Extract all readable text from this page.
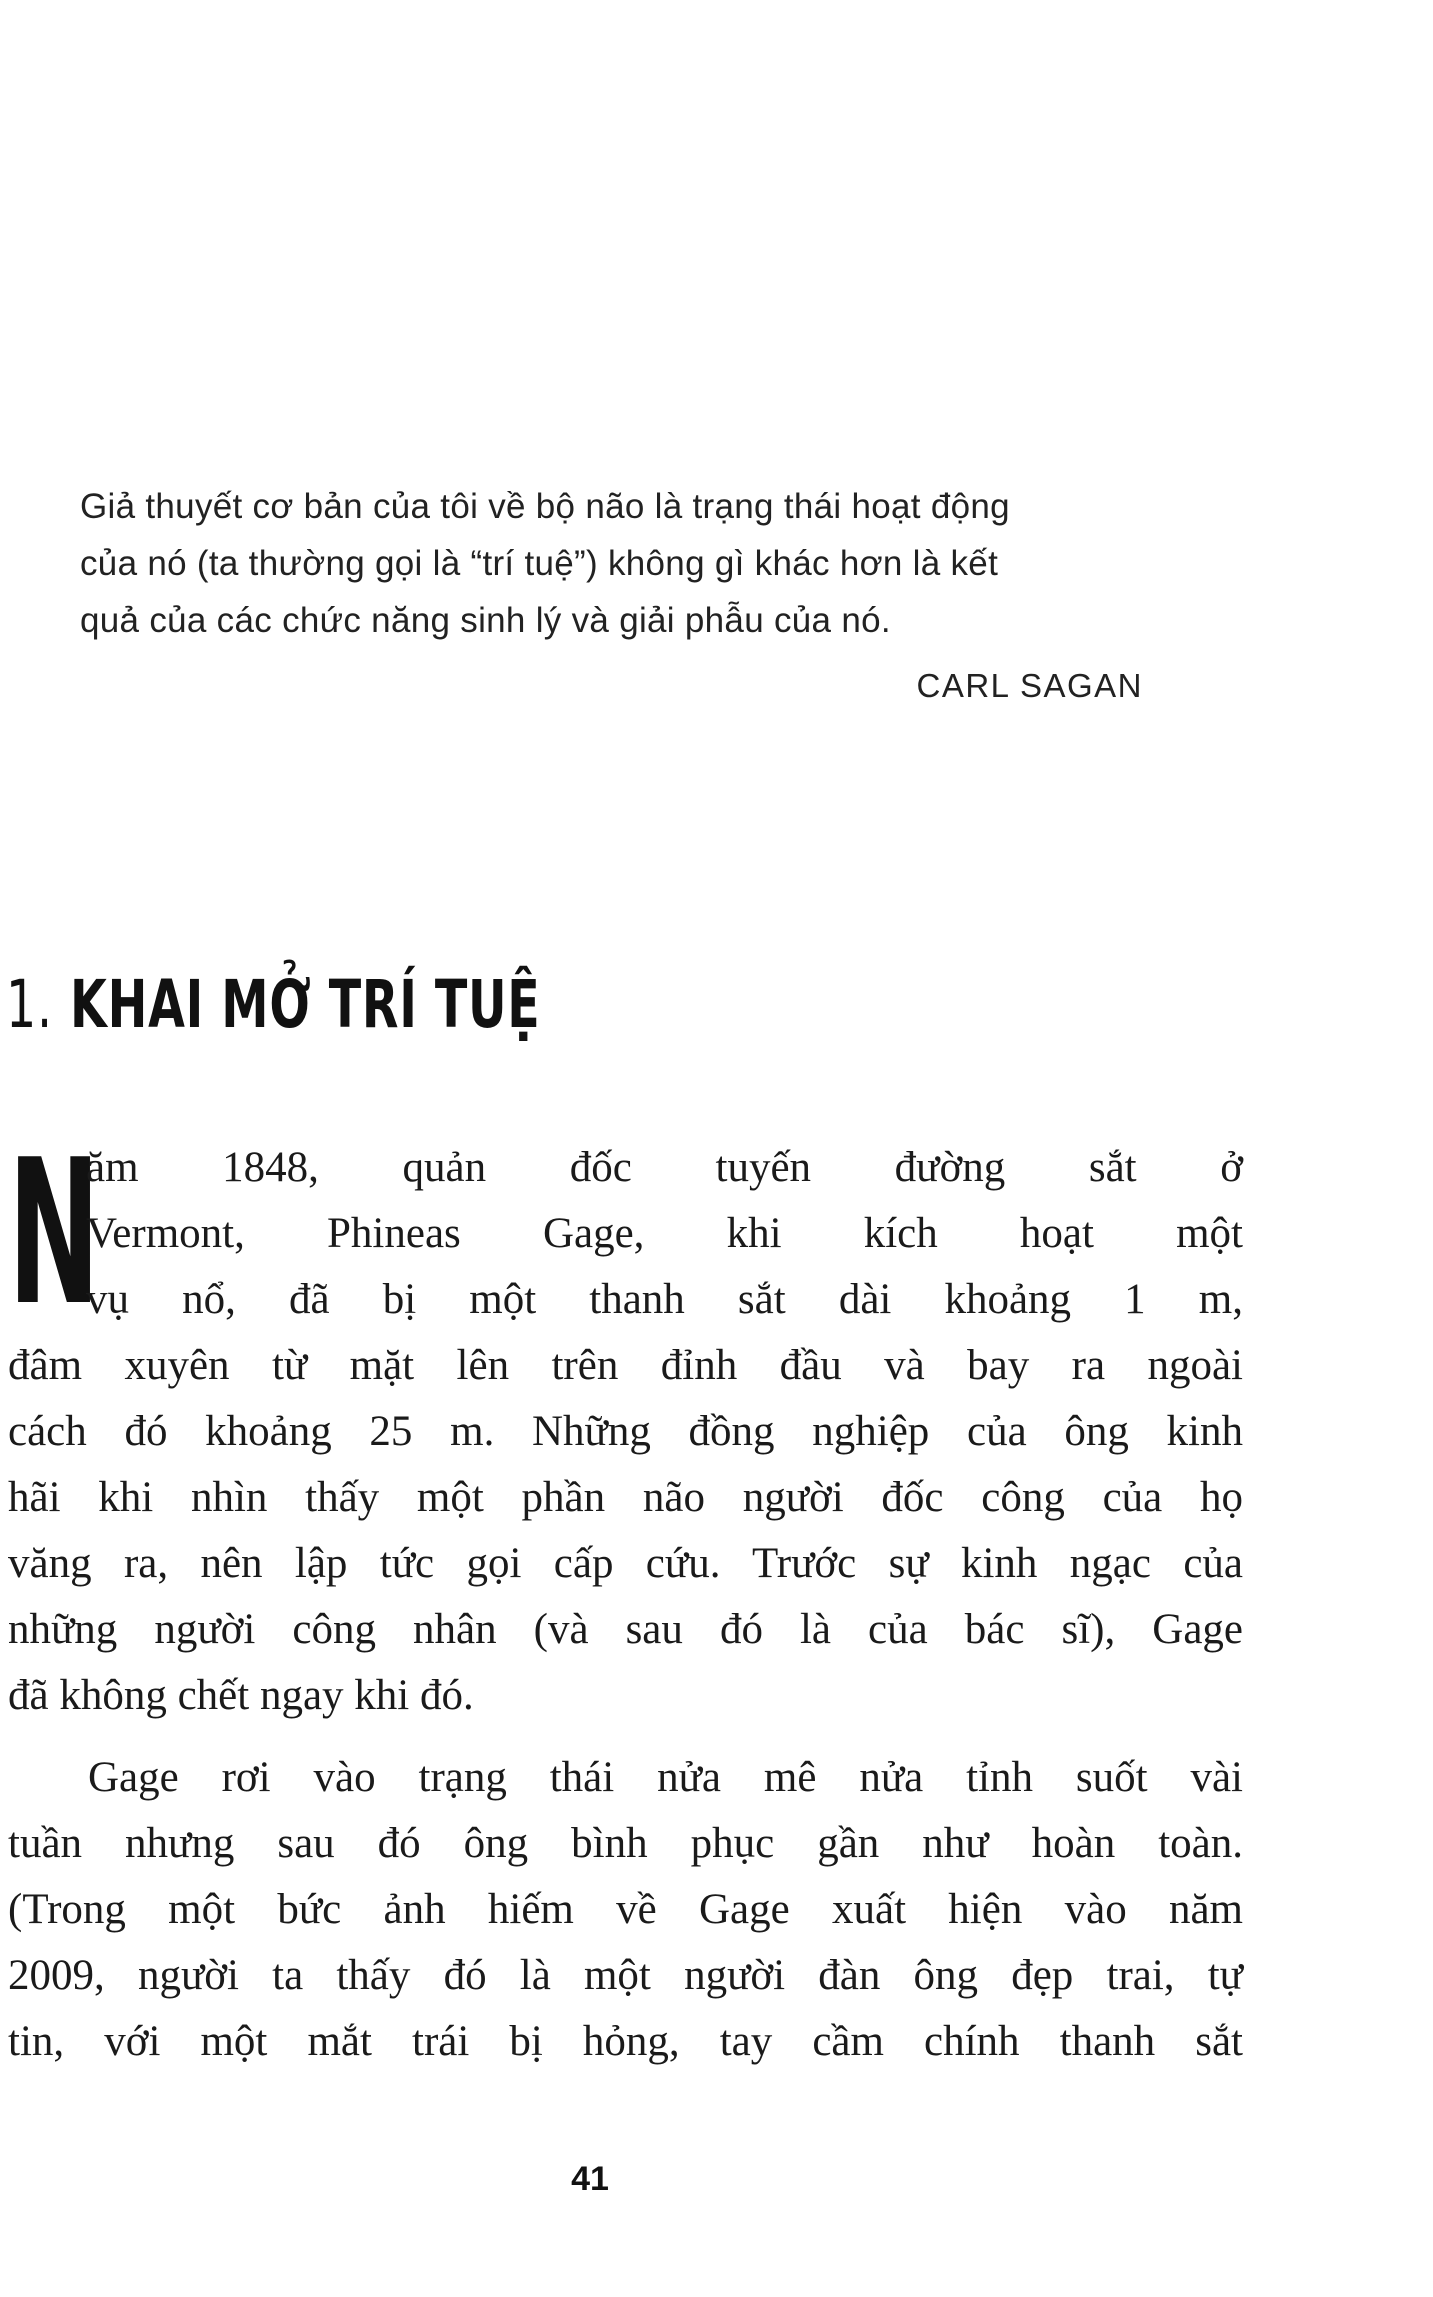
Giả thuyết cơ bản của tôi về bộ não là trạng thái hoạt động
của nó (ta thường gọi là “trí tuệ”) không gì khác hơn là kết
quả của các chức năng sinh lý và giải phẫu của nó.
CARL SAGAN
1. KHAI MỞ TRÍ TUỆ
N
ăm 1848, quản đốc tuyến đường sắt ở
Vermont, Phineas Gage, khi kích hoạt một
vụ nổ, đã bị một thanh sắt dài khoảng 1 m,
đâm xuyên từ mặt lên trên đỉnh đầu và bay ra ngoài
cách đó khoảng 25 m. Những đồng nghiệp của ông kinh
hãi khi nhìn thấy một phần não người đốc công của họ
văng ra, nên lập tức gọi cấp cứu. Trước sự kinh ngạc của
những người công nhân (và sau đó là của bác sĩ), Gage
đã không chết ngay khi đó.
Gage rơi vào trạng thái nửa mê nửa tỉnh suốt vài
tuần nhưng sau đó ông bình phục gần như hoàn toàn.
(Trong một bức ảnh hiếm về Gage xuất hiện vào năm
2009, người ta thấy đó là một người đàn ông đẹp trai, tự
tin, với một mắt trái bị hỏng, tay cầm chính thanh sắt
41
